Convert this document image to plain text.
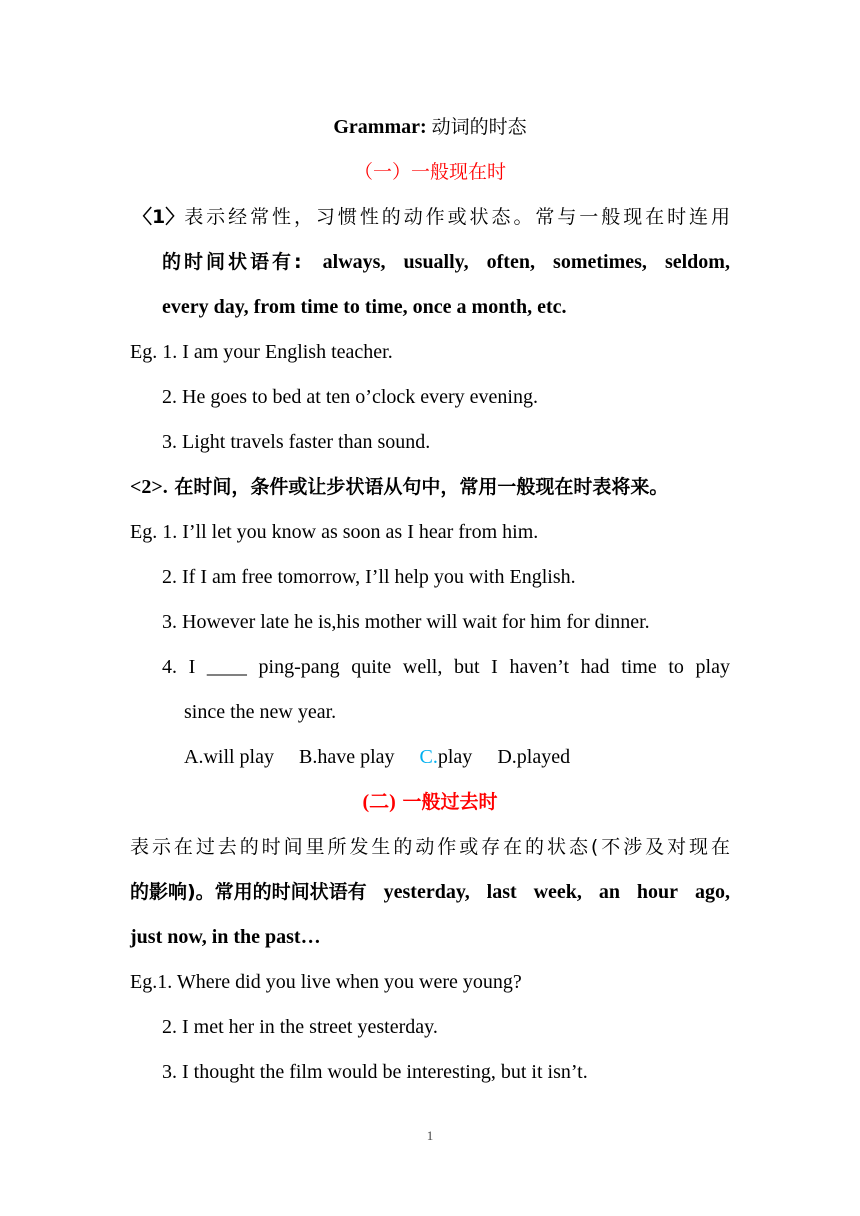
Grammar: 动词的时态
（一）一般现在时
〈1〉 表示经常性，习惯性的动作或状态。常与一般现在时连用
的时间状语有: always, usually, often, sometimes, seldom,
every day, from time to time, once a month, etc.
Eg. 1. I am your English teacher.
2. He goes to bed at ten o’clock every evening.
3. Light travels faster than sound.
<2>. 在时间，条件或让步状语从句中，常用一般现在时表将来。
Eg. 1. I’ll let you know as soon as I hear from him.
2. If I am free tomorrow, I’ll help you with English.
3. However late he is,his mother will wait for him for dinner.
4. I ____ ping-pang quite well, but I haven’t had time to play
since the new year.
A.will play B.have play C.play D.played
(二) 一般过去时
表示在过去的时间里所发生的动作或存在的状态(不涉及对现在
的影响)。常用的时间状语有 yesterday, last week, an hour ago,
just now, in the past…
Eg.1. Where did you live when you were young?
2. I met her in the street yesterday.
3. I thought the film would be interesting, but it isn’t.
1
